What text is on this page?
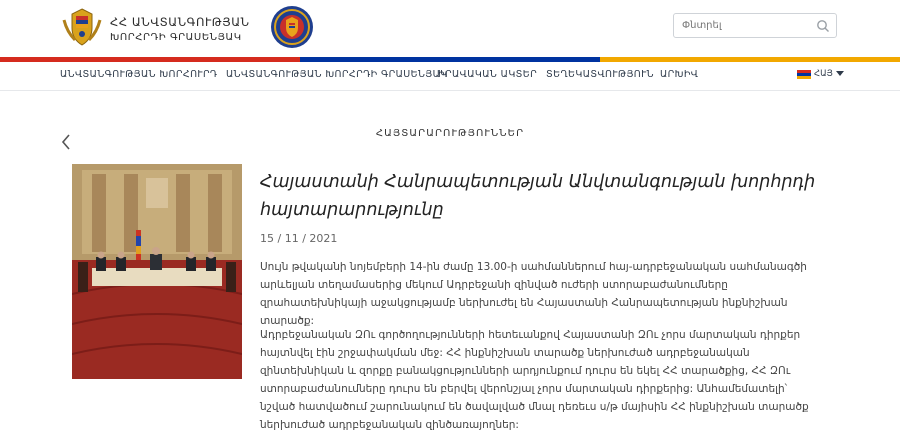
ՀՀ ԱՆՎՏԱՆԳՈՒԹՅԱՆ
ԽՈՐՀՐԴԻ ԳՐԱՍԵՆՅԱԿ
Փնտրել
ԱՆՎՏԱՆԳՈՒԹՅԱՆ ԽՈՐՀՈՒՐԴ ԱՆՎՏԱՆԳՈՒԹՅԱՆ ԽՈՐՀՐԴԻ ԳՐԱՍԵՆՅԱԿ
ԻՐԱՎԱԿԱՆ ԱԿՏԵՐ ՏԵՂԵԿԱՏՎՈՒԹՅՈՒՆ ԱՐԽԻՎ	ՀԱՅ
ՀԱՅՏԱՐԱՐՈՒԹՅՈՒՆՆԵՐ
Հայաստանի Հանրապետության Անվտանգության խորհրդի հայտարարությունը
15 / 11 / 2021
Սույն թվականի նոյեմբերի 14-ին ժամը 13.00-ի սահմաններում հայ-ադրբեջանական սահմանագծի արևելյան տեղամասերից մեկում Ադրբեջանի զինված ուժերի ստորաբաժանումները զրահատեխնիկայի աջակցությամբ ներխուժել են Հայաստանի Հանրապետության ինքնիշխան տարածք:
Ադրբեջանական ԶՈւ գործողությունների հետեւանքով Հայաստանի ԶՈւ չորս մարտական դիրքեր հայտնվել էին շրջափակման մեջ: ՀՀ ինքնիշխան տարածք ներխուժած ադրբեջանական զինտեխնիկան և զորքը բանակցությունների արդյունքում դուրս են եկել ՀՀ տարածքից, ՀՀ ԶՈւ ստորաբաժանումները դուրս են բերվել վերոնշյալ չորս մարտական դիրքերից: Անհամեմատելի՝ նշված հատվածում շարունակում են ծավալված մնալ դեռեւս ս/թ մայիսին ՀՀ ինքնիշխան տարածք ներխուժած ադրբեջանական զինծառայողներ:
